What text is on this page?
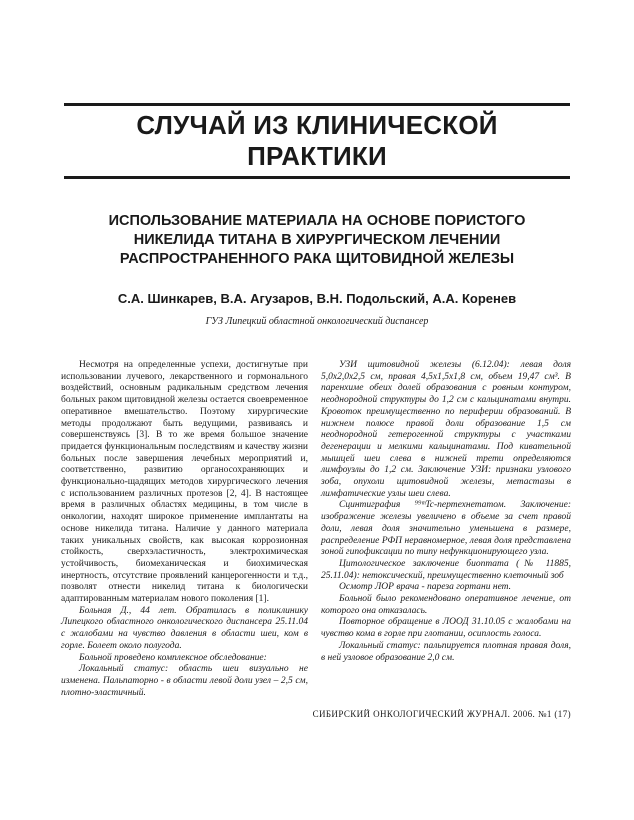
СЛУЧАЙ ИЗ КЛИНИЧЕСКОЙ
ПРАКТИКИ
ИСПОЛЬЗОВАНИЕ МАТЕРИАЛА НА ОСНОВЕ ПОРИСТОГО НИКЕЛИДА ТИТАНА В ХИРУРГИЧЕСКОМ ЛЕЧЕНИИ РАСПРОСТРАНЕННОГО РАКА ЩИТОВИДНОЙ ЖЕЛЕЗЫ
С.А. Шинкарев, В.А. Агузаров, В.Н. Подольский, А.А. Коренев
ГУЗ Липецкий областной онкологический диспансер

Несмотря на определенные успехи, достигнутые при использовании лучевого, лекарственного и гормонального воздействий, основным радикальным средством лечения больных раком щитовидной железы остается своевременное оперативное вмешательство. Поэтому хирургические методы продолжают быть ведущими, развиваясь и совершенствуясь [3]. В то же время большое значение придается функциональным последствиям и качеству жизни больных после завершения лечебных мероприятий и, соответственно, развитию органосохраняющих и функционально-щадящих методов хирургического лечения с использованием различных протезов [2, 4]. В настоящее время в различных областях медицины, в том числе в онкологии, находят широкое применение имплантаты на основе никелида титана. Наличие у данного материала таких уникальных свойств, как высокая коррозионная стойкость, сверхэластичность, электрохимическая устойчивость, биомеханическая и биохимическая инертность, отсутствие проявлений канцерогенности и т.д., позволят отнести никелид титана к биологически адаптированным материалам нового поколения [1].

Больная Д., 44 лет. Обратилась в поликлинику Липецкого областного онкологического диспансера 25.11.04 с жалобами на чувство давления в области шеи, ком в горле. Болеет около полугода.

Больной проведено комплексное обследование:

Локальный статус: область шеи визуально не изменена. Пальпаторно - в области левой доли узел – 2,5 см, плотно-эластичный.

УЗИ щитовидной железы (6.12.04): левая доля 5,0х2,0х2,5 см, правая 4,5х1,5х1,8 см, объем 19,47 см³. В паренхиме обеих долей образования с ровным контуром, неоднородной структуры до 1,2 см с кальцинатами внутри. Кровоток преимущественно по периферии образований. В нижнем полюсе правой доли образование 1,5 см неоднородной гетерогенной структуры с участками дегенерации и мелкими кальцинатами. Под кивательной мышцей шеи слева в нижней трети определяются лимфоузлы до 1,2 см. Заключение УЗИ: признаки узлового зоба, опухоли щитовидной железы, метастазы в лимфатические узлы шеи слева.

Сцинтиграфия ⁹⁹ᵐTc-пертехнетатом. Заключение: изображение железы увеличено в объеме за счет правой доли, левая доля значительно уменьшена в размере, распределение РФП неравномерное, левая доля представлена зоной гипофиксации по типу нефункционирующего узла.

Цитологическое заключение биоптата (№ 11885, 25.11.04): нетоксический, преимущественно клеточный зоб

Осмотр ЛОР врача - пареза гортани нет.

Больной было рекомендовано оперативное лечение, от которого она отказалась.

Повторное обращение в ЛООД 31.10.05 с жалобами на чувство кома в горле при глотании, осиплость голоса.

Локальный статус: пальпируется плотная правая доля, в ней узловое образование 2,0 см.

СИБИРСКИЙ ОНКОЛОГИЧЕСКИЙ ЖУРНАЛ. 2006. №1 (17)
